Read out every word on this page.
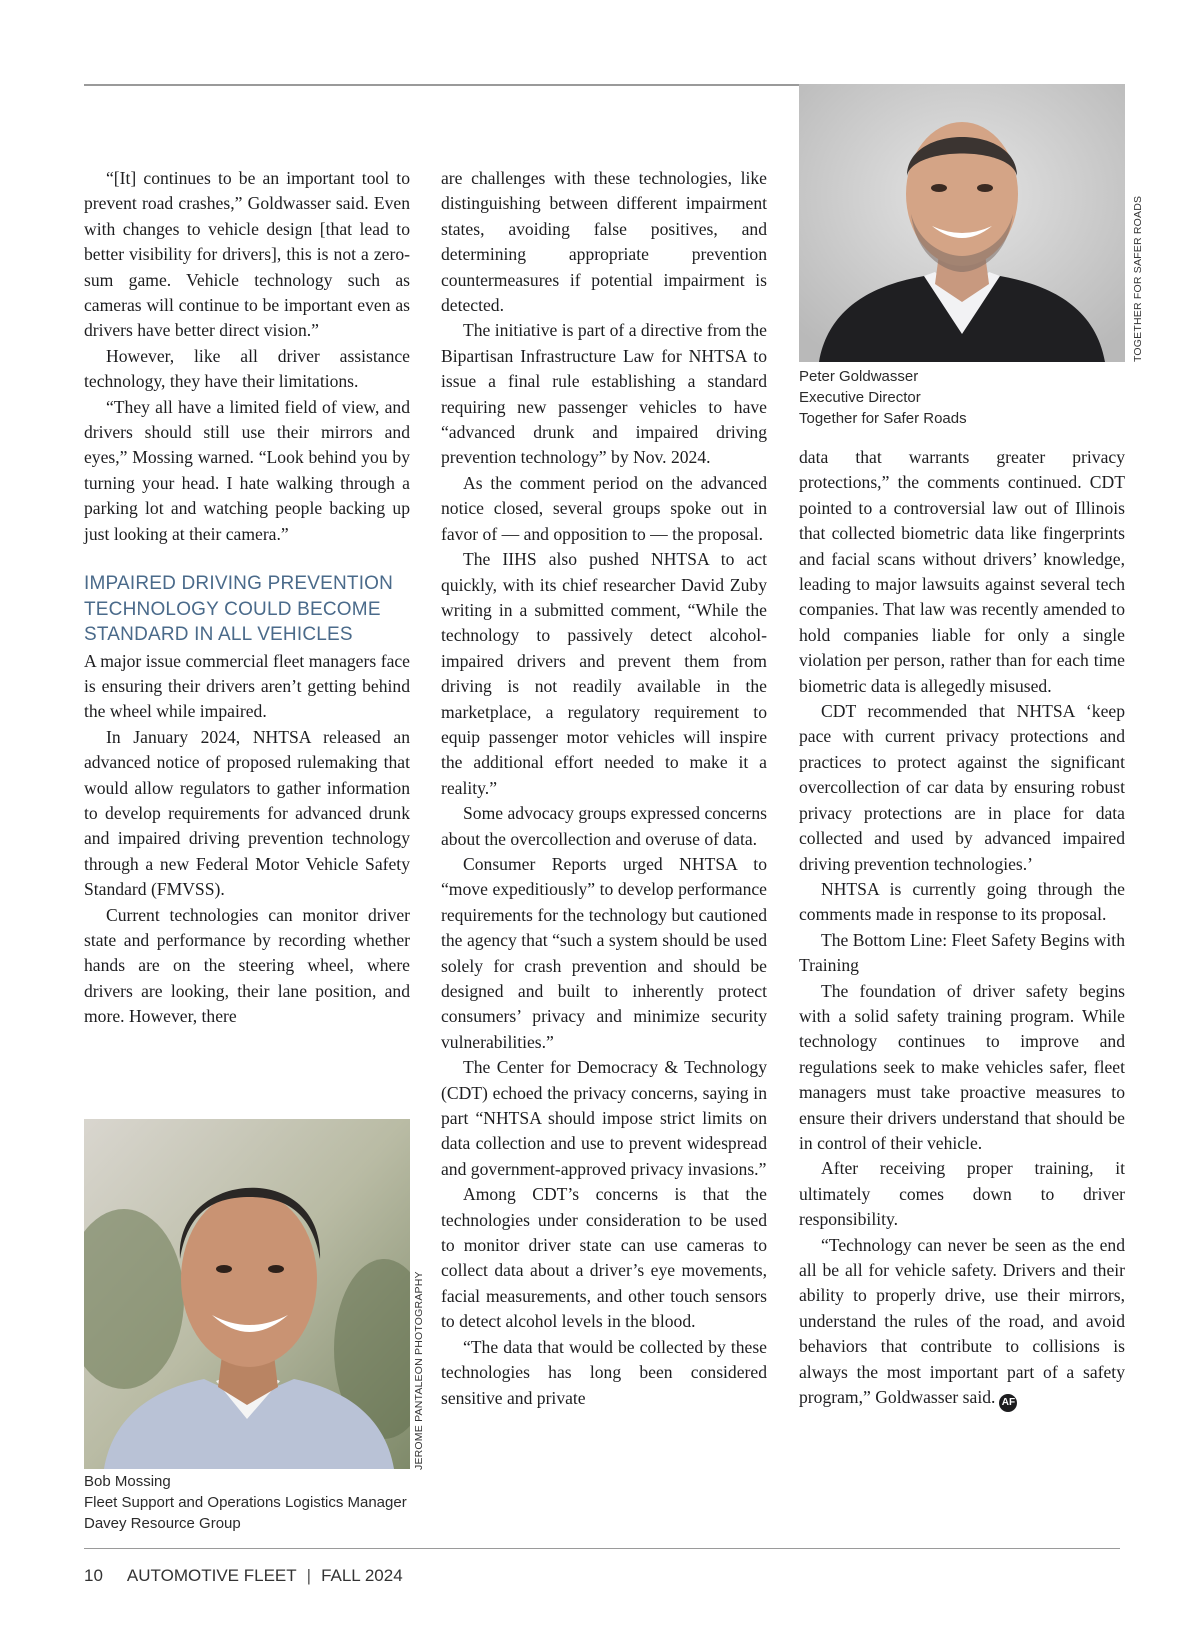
“[It] continues to be an important tool to prevent road crashes,” Goldwasser said. Even with changes to vehicle design [that lead to better visibility for drivers], this is not a zero-sum game. Vehicle technology such as cameras will continue to be important even as drivers have better direct vision.”

However, like all driver assistance technology, they have their limitations.

“They all have a limited field of view, and drivers should still use their mirrors and eyes,” Mossing warned. “Look behind you by turning your head. I hate walking through a parking lot and watching people backing up just looking at their camera.”

IMPAIRED DRIVING PREVENTION TECHNOLOGY COULD BECOME STANDARD IN ALL VEHICLES

A major issue commercial fleet managers face is ensuring their drivers aren’t getting behind the wheel while impaired.

In January 2024, NHTSA released an advanced notice of proposed rulemaking that would allow regulators to gather information to develop requirements for advanced drunk and impaired driving prevention technology through a new Federal Motor Vehicle Safety Standard (FMVSS).

Current technologies can monitor driver state and performance by recording whether hands are on the steering wheel, where drivers are looking, their lane position, and more. However, there

are challenges with these technologies, like distinguishing between different impairment states, avoiding false positives, and determining appropriate prevention countermeasures if potential impairment is detected.

The initiative is part of a directive from the Bipartisan Infrastructure Law for NHTSA to issue a final rule establishing a standard requiring new passenger vehicles to have “advanced drunk and impaired driving prevention technology” by Nov. 2024.

As the comment period on the advanced notice closed, several groups spoke out in favor of — and opposition to — the proposal.

The IIHS also pushed NHTSA to act quickly, with its chief researcher David Zuby writing in a submitted comment, “While the technology to passively detect alcohol-impaired drivers and prevent them from driving is not readily available in the marketplace, a regulatory requirement to equip passenger motor vehicles will inspire the additional effort needed to make it a reality.”

Some advocacy groups expressed concerns about the overcollection and overuse of data.

Consumer Reports urged NHTSA to “move expeditiously” to develop performance requirements for the technology but cautioned the agency that “such a system should be used solely for crash prevention and should be designed and built to inherently protect consumers’ privacy and minimize security vulnerabilities.”

The Center for Democracy & Technology (CDT) echoed the privacy concerns, saying in part “NHTSA should impose strict limits on data collection and use to prevent widespread and government-approved privacy invasions.”

Among CDT’s concerns is that the technologies under consideration to be used to monitor driver state can use cameras to collect data about a driver’s eye movements, facial measurements, and other touch sensors to detect alcohol levels in the blood.

“The data that would be collected by these technologies has long been considered sensitive and private

data that warrants greater privacy protections,” the comments continued. CDT pointed to a controversial law out of Illinois that collected biometric data like fingerprints and facial scans without drivers’ knowledge, leading to major lawsuits against several tech companies. That law was recently amended to hold companies liable for only a single violation per person, rather than for each time biometric data is allegedly misused.

CDT recommended that NHTSA ‘keep pace with current privacy protections and practices to protect against the significant overcollection of car data by ensuring robust privacy protections are in place for data collected and used by advanced impaired driving prevention technologies.’

NHTSA is currently going through the comments made in response to its proposal.

The Bottom Line: Fleet Safety Begins with Training

The foundation of driver safety begins with a solid safety training program. While technology continues to improve and regulations seek to make vehicles safer, fleet managers must take proactive measures to ensure their drivers understand that should be in control of their vehicle.

After receiving proper training, it ultimately comes down to driver responsibility.

“Technology can never be seen as the end all be all for vehicle safety. Drivers and their ability to properly drive, use their mirrors, understand the rules of the road, and avoid behaviors that contribute to collisions is always the most important part of a safety program,” Goldwasser said. AF

TOGETHER FOR SAFER ROADS
Peter Goldwasser
Executive Director
Together for Safer Roads
JEROME PANTALEON PHOTOGRAPHY
Bob Mossing
Fleet Support and Operations Logistics Manager
Davey Resource Group
10 AUTOMOTIVE FLEET | FALL 2024
